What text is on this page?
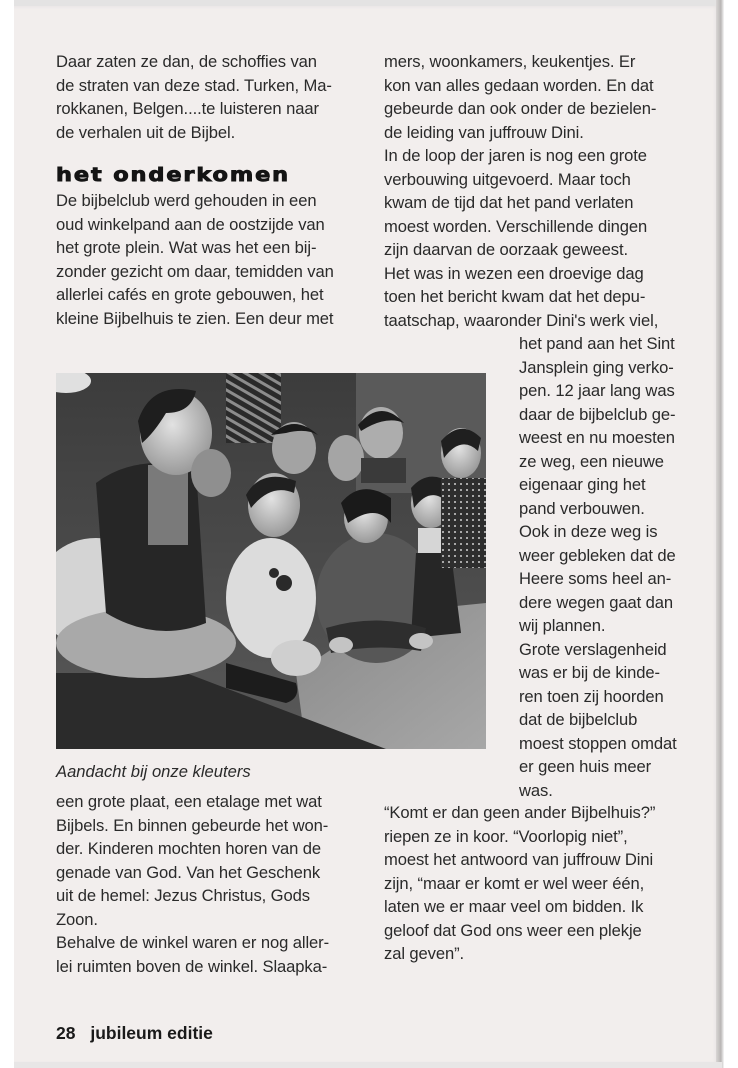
Daar zaten ze dan, de schoffies van
de straten van deze stad. Turken, Ma-
rokkanen, Belgen....te luisteren naar
de verhalen uit de Bijbel.
het onderkomen
De bijbelclub werd gehouden in een
oud winkelpand aan de oostzijde van
het grote plein. Wat was het een bij-
zonder gezicht om daar, temidden van
allerlei cafés en grote gebouwen, het
kleine Bijbelhuis te zien. Een deur met
mers, woonkamers, keukentjes. Er
kon van alles gedaan worden. En dat
gebeurde dan ook onder de bezielen-
de leiding van juffrouw Dini.
In de loop der jaren is nog een grote
verbouwing uitgevoerd. Maar toch
kwam de tijd dat het pand verlaten
moest worden. Verschillende dingen
zijn daarvan de oorzaak geweest.
Het was in wezen een droevige dag
toen het bericht kwam dat het depu-
taatschap, waaronder Dini's werk viel,
het pand aan het Sint
Jansplein ging verko-
pen. 12 jaar lang was
daar de bijbelclub ge-
weest en nu moesten
ze weg, een nieuwe
eigenaar ging het
pand verbouwen.
Ook in deze weg is
weer gebleken dat de
Heere soms heel an-
dere wegen gaat dan
wij plannen.
Grote verslagenheid
was er bij de kinde-
ren toen zij hoorden
dat de bijbelclub
moest stoppen omdat
er geen huis meer
was.
Aandacht bij onze kleuters
een grote plaat, een etalage met wat
Bijbels. En binnen gebeurde het won-
der. Kinderen mochten horen van de
genade van God. Van het Geschenk
uit de hemel: Jezus Christus, Gods
Zoon.
Behalve de winkel waren er nog aller-
lei ruimten boven de winkel. Slaapka-
“Komt er dan geen ander Bijbelhuis?”
riepen ze in koor. “Voorlopig niet”,
moest het antwoord van juffrouw Dini
zijn, “maar er komt er wel weer één,
laten we er maar veel om bidden. Ik
geloof dat God ons weer een plekje
zal geven”.
28 jubileum editie
